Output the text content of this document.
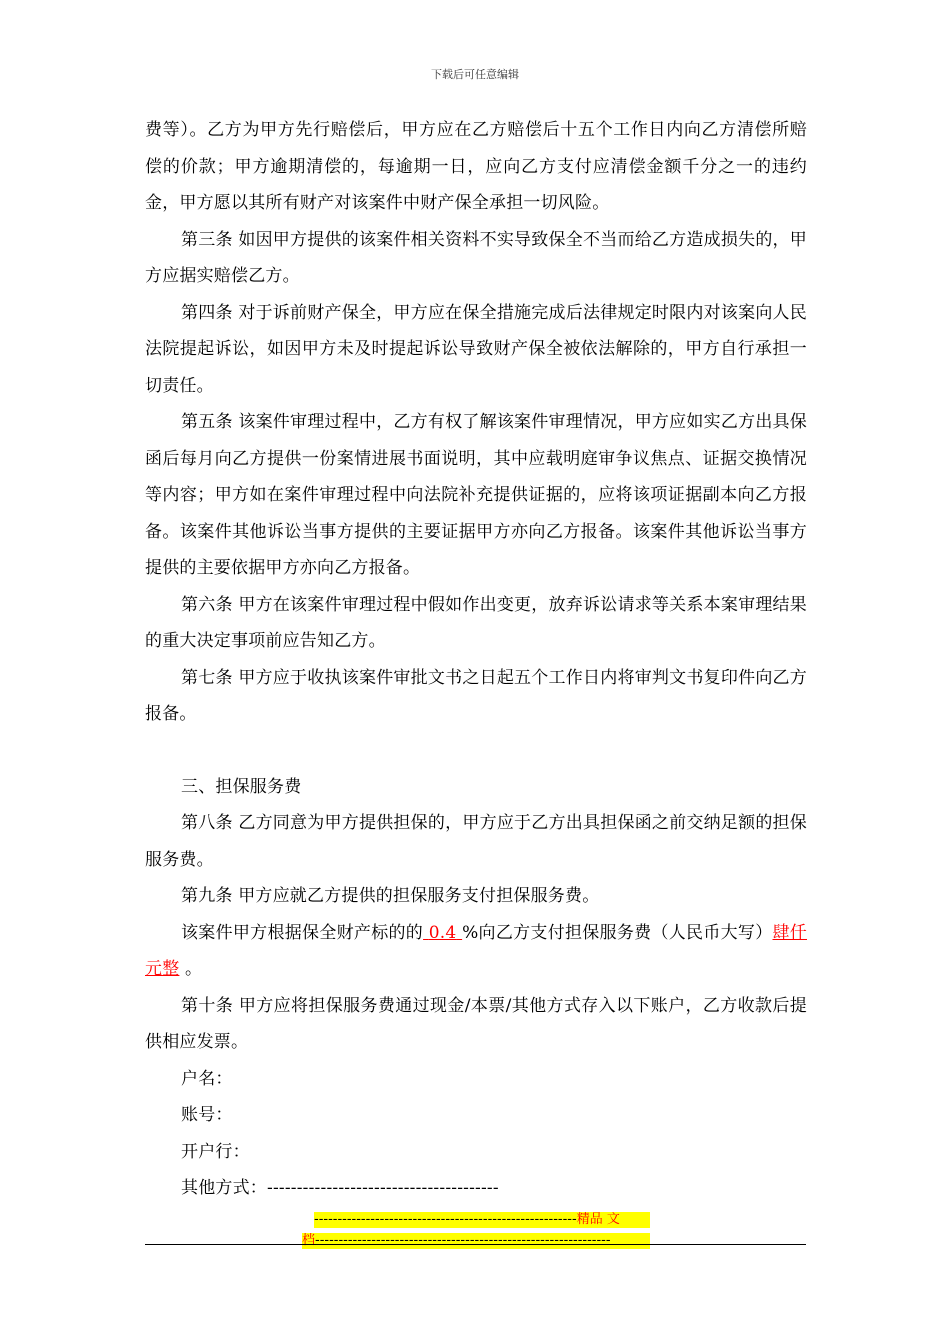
下载后可任意编辑

费等）。乙方为甲方先行赔偿后，甲方应在乙方赔偿后十五个工作日内向乙方清偿所赔偿的价款；甲方逾期清偿的，每逾期一日，应向乙方支付应清偿金额千分之一的违约金，甲方愿以其所有财产对该案件中财产保全承担一切风险。

第三条 如因甲方提供的该案件相关资料不实导致保全不当而给乙方造成损失的，甲方应据实赔偿乙方。

第四条 对于诉前财产保全，甲方应在保全措施完成后法律规定时限内对该案向人民法院提起诉讼，如因甲方未及时提起诉讼导致财产保全被依法解除的，甲方自行承担一切责任。

第五条 该案件审理过程中，乙方有权了解该案件审理情况，甲方应如实乙方出具保函后每月向乙方提供一份案情进展书面说明，其中应载明庭审争议焦点、证据交换情况等内容；甲方如在案件审理过程中向法院补充提供证据的，应将该项证据副本向乙方报备。该案件其他诉讼当事方提供的主要证据甲方亦向乙方报备。该案件其他诉讼当事方提供的主要依据甲方亦向乙方报备。

第六条 甲方在该案件审理过程中假如作出变更，放弃诉讼请求等关系本案审理结果的重大决定事项前应告知乙方。

第七条 甲方应于收执该案件审批文书之日起五个工作日内将审判文书复印件向乙方报备。

三、担保服务费

第八条 乙方同意为甲方提供担保的，甲方应于乙方出具担保函之前交纳足额的担保服务费。

第九条 甲方应就乙方提供的担保服务支付担保服务费。

该案件甲方根据保全财产标的的 0.4 %向乙方支付担保服务费（人民币大写）肆仟元整 。

第十条 甲方应将担保服务费通过现金/本票/其他方式存入以下账户，乙方收款后提供相应发票。

户名：

账号：

开户行：

其他方式：---------------------------------------

--------------------------------------------------------精品 文
档---------------------------------------------------------------
